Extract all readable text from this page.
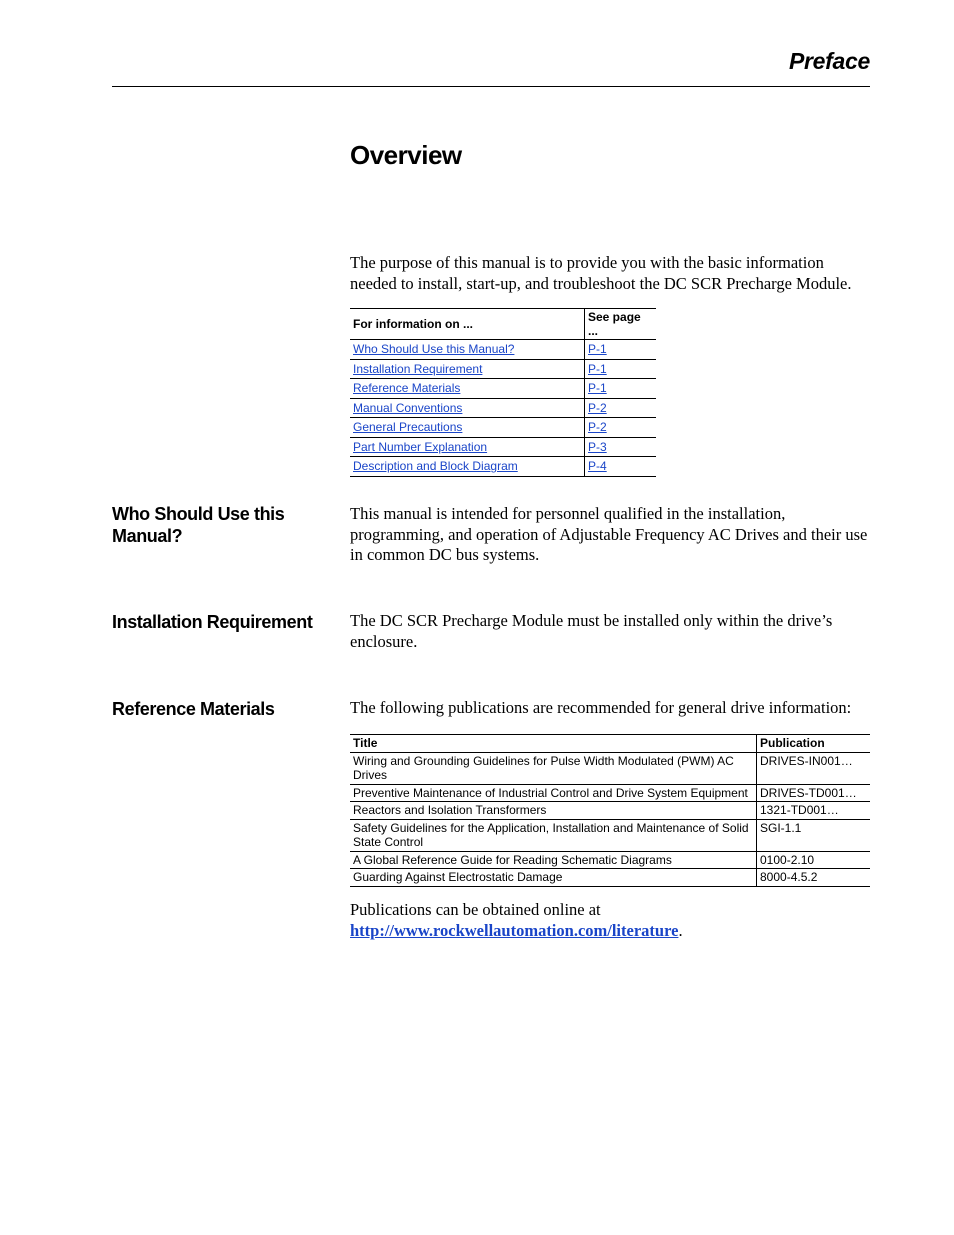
Preface
Overview
The purpose of this manual is to provide you with the basic information needed to install, start-up, and troubleshoot the DC SCR Precharge Module.
For information on ...	See page ...
Who Should Use this Manual?	P-1
Installation Requirement	P-1
Reference Materials	P-1
Manual Conventions	P-2
General Precautions	P-2
Part Number Explanation	P-3
Description and Block Diagram	P-4
Who Should Use this Manual?
This manual is intended for personnel qualified in the installation, programming, and operation of Adjustable Frequency AC Drives and their use in common DC bus systems.
Installation Requirement	The DC SCR Precharge Module must be installed only within the drive’s enclosure.
Reference Materials	The following publications are recommended for general drive information:
Title	Publication
Wiring and Grounding Guidelines for Pulse Width Modulated (PWM) AC Drives	DRIVES-IN001…
Preventive Maintenance of Industrial Control and Drive System Equipment	DRIVES-TD001…
Reactors and Isolation Transformers	1321-TD001…
Safety Guidelines for the Application, Installation and Maintenance of Solid State Control	SGI-1.1
A Global Reference Guide for Reading Schematic Diagrams	0100-2.10
Guarding Against Electrostatic Damage	8000-4.5.2
Publications can be obtained online at
http://www.rockwellautomation.com/literature.
